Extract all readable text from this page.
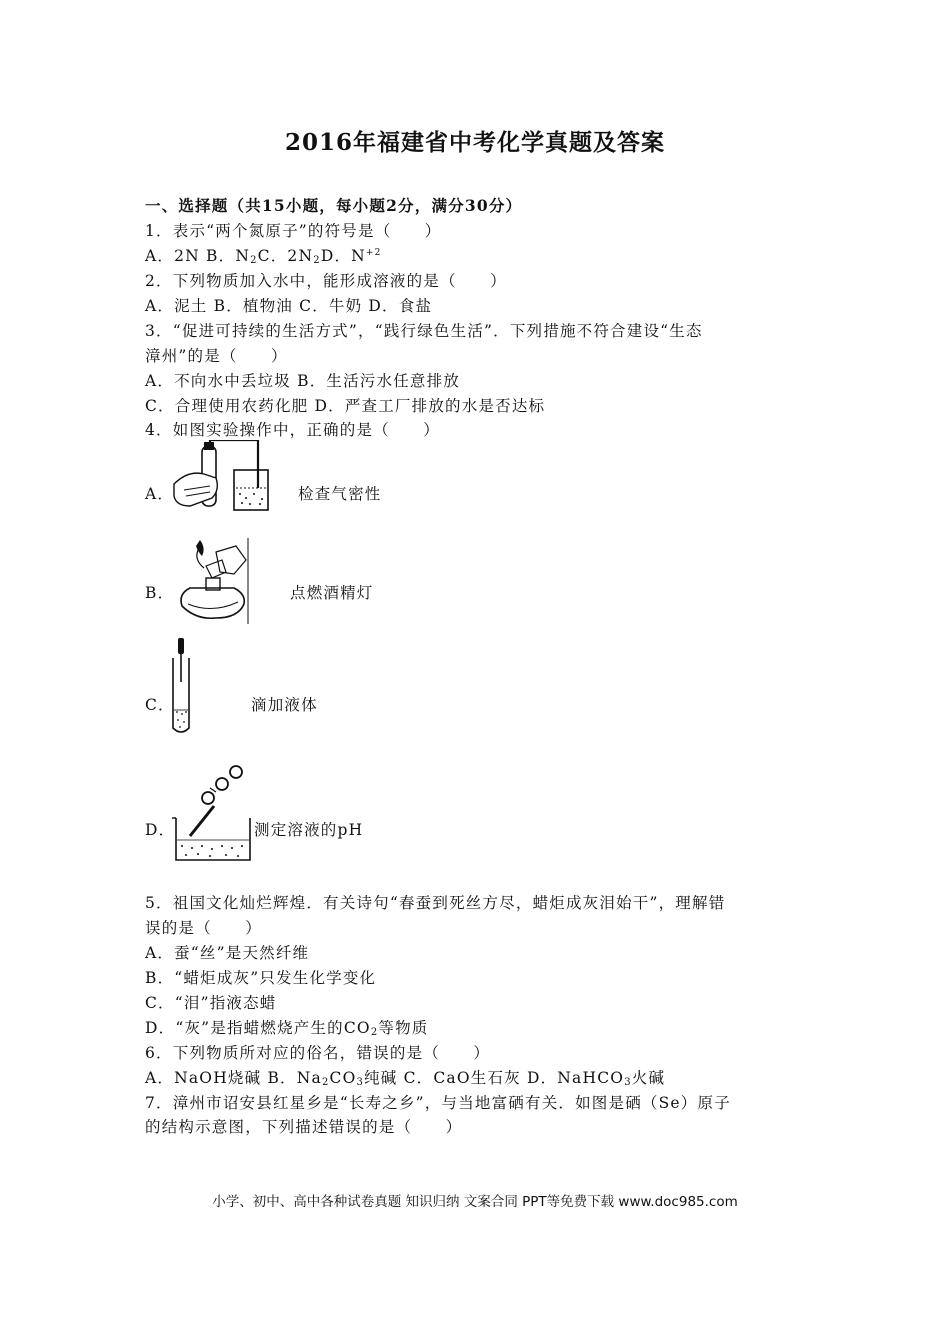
2016年福建省中考化学真题及答案
一、选择题（共15小题，每小题2分，满分30分）
1．表示“两个氮原子”的符号是（　　）
A．2N B．$N_2C$．$2N_2D$．$N^{+2}$
2．下列物质加入水中，能形成溶液的是（　　）
A．泥土 B．植物油 C．牛奶 D．食盐
3．“促进可持续的生活方式”，“践行绿色生活”．下列措施不符合建设“生态
漳州”的是（　　）
A．不向水中丢垃圾 B．生活污水任意排放
C．合理使用农药化肥 D．严查工厂排放的水是否达标
4．如图实验操作中，正确的是（　　）
A．	检查气密性
B．	点燃酒精灯
C．	滴加液体
D．	测定溶液的pH
5．祖国文化灿烂辉煌．有关诗句“春蚕到死丝方尽，蜡炬成灰泪始干”，理解错
误的是（　　）
A．蚕“丝”是天然纤维
B．“蜡炬成灰”只发生化学变化
C．“泪”指液态蜡
D．“灰”是指蜡燃烧产生的$CO_2$等物质
6．下列物质所对应的俗名，错误的是（　　）
A．NaOH烧碱 B．$Na_2CO_3$纯碱 C．CaO生石灰 D．NaHCO$_3$火碱
7．漳州市诏安县红星乡是“长寿之乡”，与当地富硒有关．如图是硒（Se）原子
的结构示意图，下列描述错误的是（　　）
小学、初中、高中各种试卷真题 知识归纳 文案合同 PPT等免费下载 www.doc985.com
